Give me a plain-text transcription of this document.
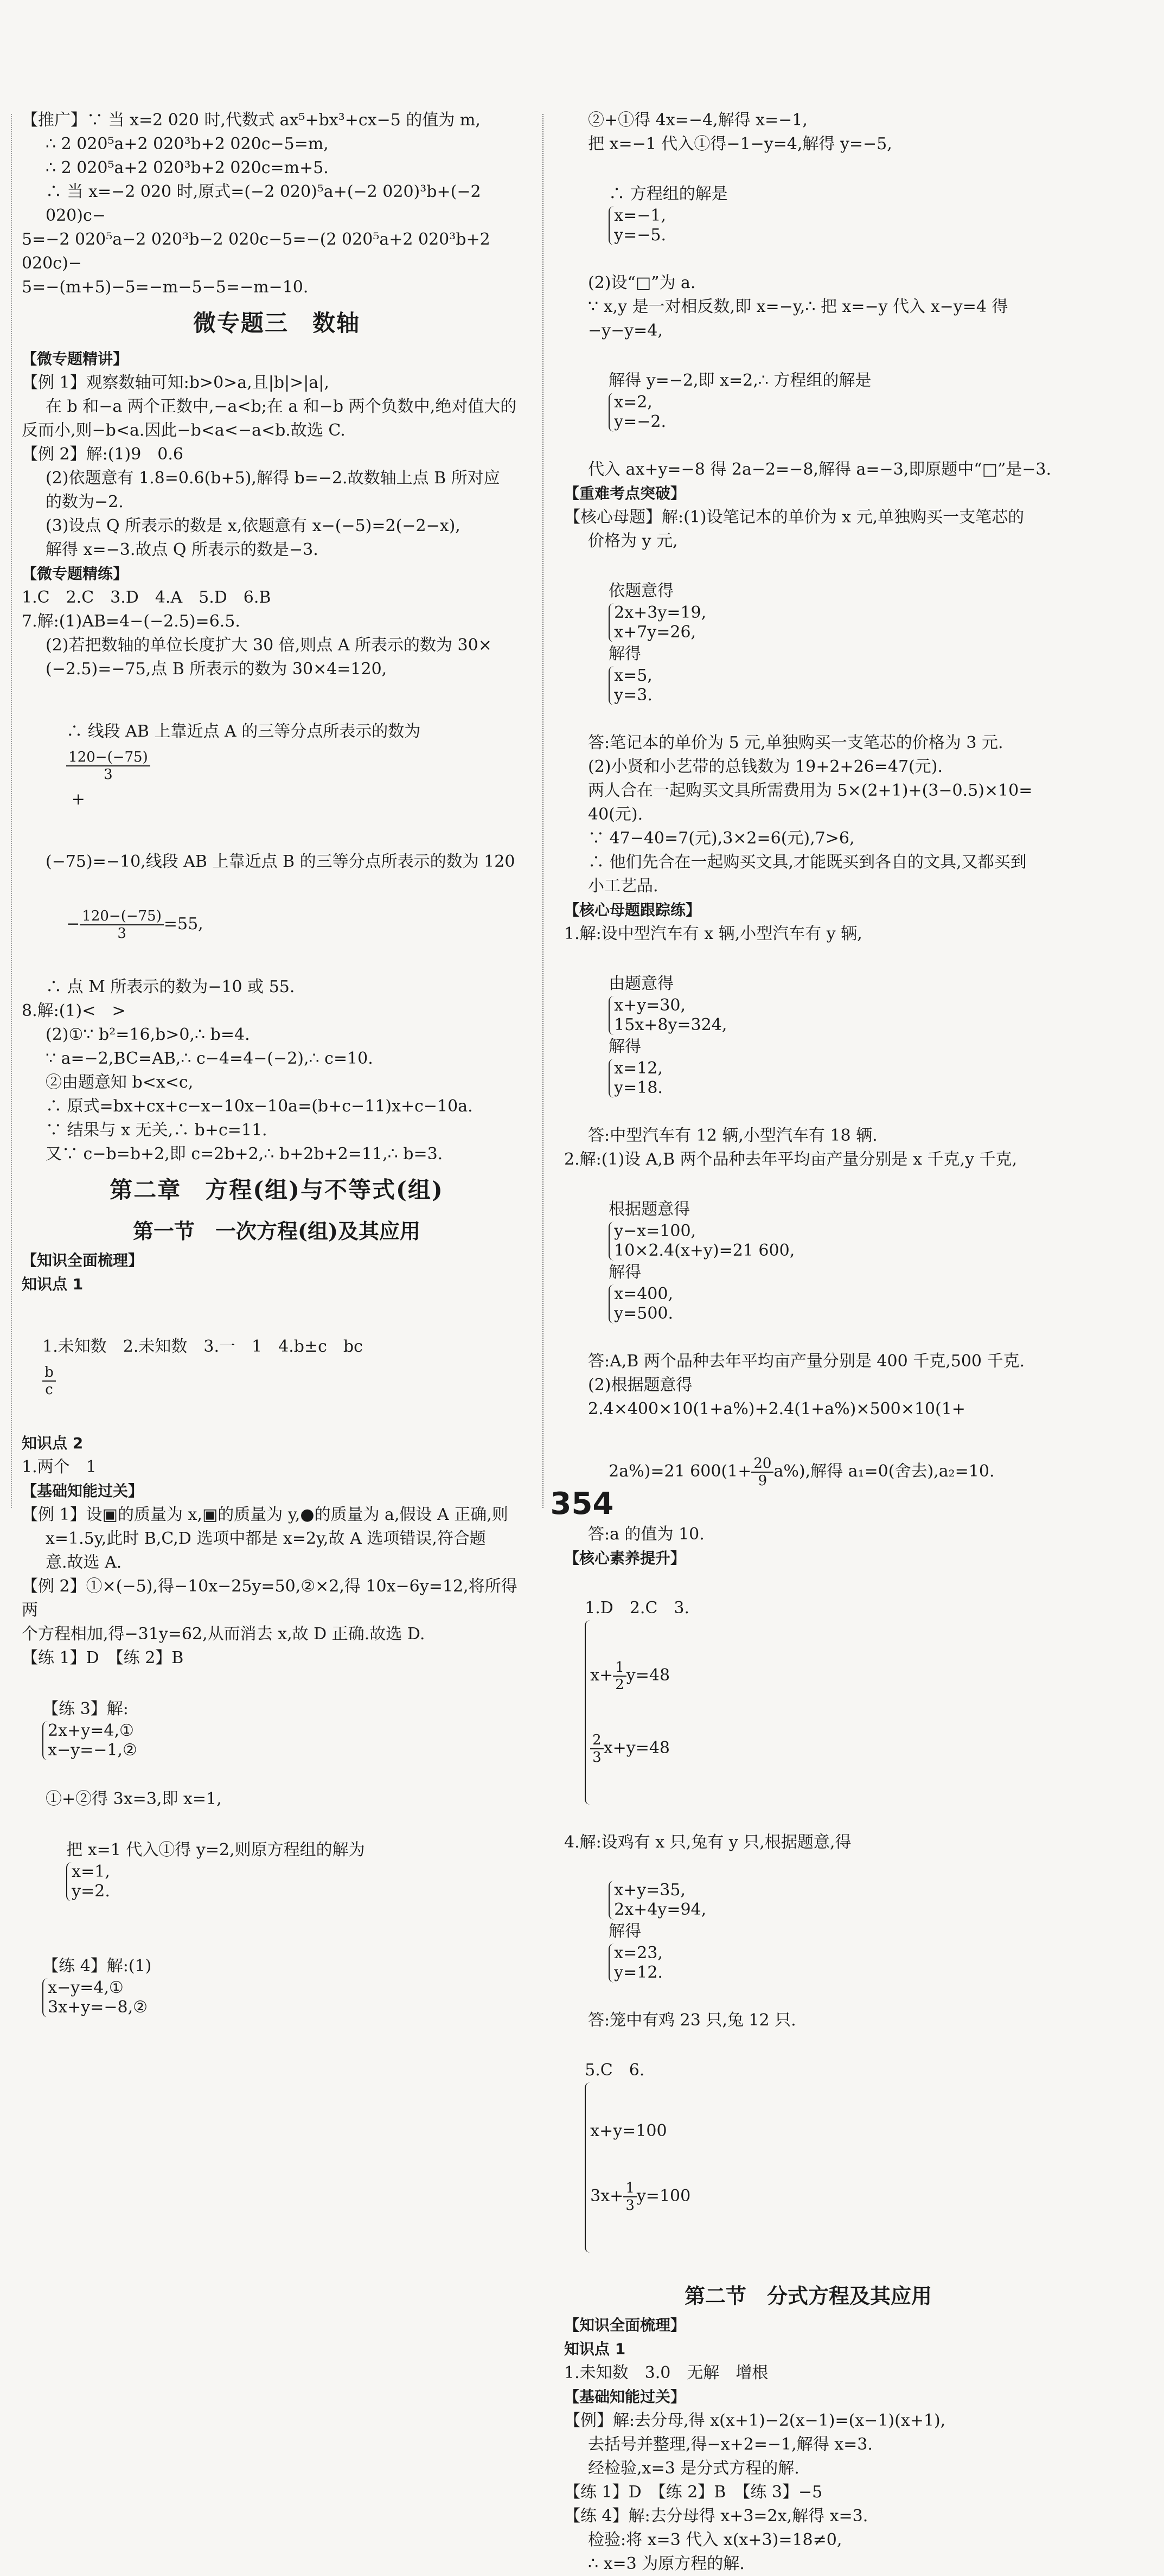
【推广】∵ 当 x=2 020 时,代数式 ax⁵+bx³+cx−5 的值为 m,
∴ 2 020⁵a+2 020³b+2 020c−5=m,
∴ 2 020⁵a+2 020³b+2 020c=m+5.
∴ 当 x=−2 020 时,原式=(−2 020)⁵a+(−2 020)³b+(−2 020)c−
5=−2 020⁵a−2 020³b−2 020c−5=−(2 020⁵a+2 020³b+2 020c)−
5=−(m+5)−5=−m−5−5=−m−10.
微专题三　数轴
【微专题精讲】
【例 1】观察数轴可知:b>0>a,且|b|>|a|,
在 b 和−a 两个正数中,−a<b;在 a 和−b 两个负数中,绝对值大的
反而小,则−b<a.因此−b<a<−a<b.故选 C.
【例 2】解:(1)9　0.6
(2)依题意有 1.8=0.6(b+5),解得 b=−2.故数轴上点 B 所对应
的数为−2.
(3)设点 Q 所表示的数是 x,依题意有 x−(−5)=2(−2−x),
解得 x=−3.故点 Q 所表示的数是−3.
【微专题精练】
1.C　2.C　3.D　4.A　5.D　6.B
7.解:(1)AB=4−(−2.5)=6.5.
(2)若把数轴的单位长度扩大 30 倍,则点 A 所表示的数为 30×
(−2.5)=−75,点 B 所表示的数为 30×4=120,

∴ 线段 AB 上靠近点 A 的三等分点所表示的数为

$\frac{120-(-75)}{3}$

+

(−75)=−10,线段 AB 上靠近点 B 的三等分点所表示的数为 120

− $\frac{120-(-75)}{3} =55$,

∴ 点 M 所表示的数为−10 或 55.
8.解:(1)<　>
(2)①∵ b²=16,b>0,∴ b=4.
∵ a=−2,BC=AB,∴ c−4=4−(−2),∴ c=10.
②由题意知 b<x<c,
∴ 原式=bx+cx+c−x−10x−10a=(b+c−11)x+c−10a.
∵ 结果与 x 无关,∴ b+c=11.
又∵ c−b=b+2,即 c=2b+2,∴ b+2b+2=11,∴ b=3.
第二章　方程(组)与不等式(组)
第一节　一次方程(组)及其应用
【知识全面梳理】
知识点 1

1.未知数　2.未知数　3.一　1　4.b±c　bc

$\frac{b}{c}$

知识点 2
1.两个　1
【基础知能过关】
【例 1】设▣的质量为 x,▣的质量为 y,●的质量为 a,假设 A 正确,则
x=1.5y,此时 B,C,D 选项中都是 x=2y,故 A 选项错误,符合题
意.故选 A.
【例 2】①×(−5),得−10x−25y=50,②×2,得 10x−6y=12,将所得两
个方程相加,得−31y=62,从而消去 x,故 D 正确.故选 D.
【练 1】D　【练 2】B

【练 3】解:

2x+y=4,①
x−y=−1,②

①+②得 3x=3,即 x=1,

把 x=1 代入①得 y=2,则原方程组的解为

x=1,
y=2.

【练 4】解:(1)

x−y=4,①
3x+y=−8,②

②+①得 4x=−4,解得 x=−1,
把 x=−1 代入①得−1−y=4,解得 y=−5,

∴ 方程组的解是

x=−1,
y=−5.

(2)设“□”为 a.
∵ x,y 是一对相反数,即 x=−y,∴ 把 x=−y 代入 x−y=4 得−y−y=4,

解得 y=−2,即 x=2,∴ 方程组的解是

x=2,
y=−2.

代入 ax+y=−8 得 2a−2=−8,解得 a=−3,即原题中“□”是−3.
【重难考点突破】
【核心母题】解:(1)设笔记本的单价为 x 元,单独购买一支笔芯的
价格为 y 元,

依题意得

2x+3y=19,
x+7y=26,

解得

x=5,
y=3.

答:笔记本的单价为 5 元,单独购买一支笔芯的价格为 3 元.
(2)小贤和小艺带的总钱数为 19+2+26=47(元).
两人合在一起购买文具所需费用为 5×(2+1)+(3−0.5)×10=
40(元).
∵ 47−40=7(元),3×2=6(元),7>6,
∴ 他们先合在一起购买文具,才能既买到各自的文具,又都买到
小工艺品.
【核心母题跟踪练】
1.解:设中型汽车有 x 辆,小型汽车有 y 辆,

由题意得

x+y=30,
15x+8y=324,

解得

x=12,
y=18.

答:中型汽车有 12 辆,小型汽车有 18 辆.
2.解:(1)设 A,B 两个品种去年平均亩产量分别是 x 千克,y 千克,

根据题意得

y−x=100,
10×2.4(x+y)=21 600,

解得

x=400,
y=500.

答:A,B 两个品种去年平均亩产量分别是 400 千克,500 千克.
(2)根据题意得 2.4×400×10(1+a%)+2.4(1+a%)×500×10(1+

2a%)=21 $600(1+ \frac{20}{9} a\%)$,解得 a₁=0(舍去),a₂=10.

答:a 的值为 10.
【核心素养提升】

1.D　2.C　3.

$x+ \frac{1}{2} y=48$

$\frac{2}{3} x+y=48$

4.解:设鸡有 x 只,兔有 y 只,根据题意,得

x+y=35,
2x+4y=94,

解得

x=23,
y=12.

答:笼中有鸡 23 只,兔 12 只.

5.C　6.

x+y=100

$3x+ \frac{1}{3} y=100$

第二节　分式方程及其应用
【知识全面梳理】
知识点 1
1.未知数　3.0　无解　增根
【基础知能过关】
【例】解:去分母,得 x(x+1)−2(x−1)=(x−1)(x+1),
去括号并整理,得−x+2=−1,解得 x=3.
经检验,x=3 是分式方程的解.
【练 1】D　【练 2】B　【练 3】−5
【练 4】解:去分母得 x+3=2x,解得 x=3.
检验:将 x=3 代入 x(x+3)=18≠0,
∴ x=3 为原方程的解.
354
